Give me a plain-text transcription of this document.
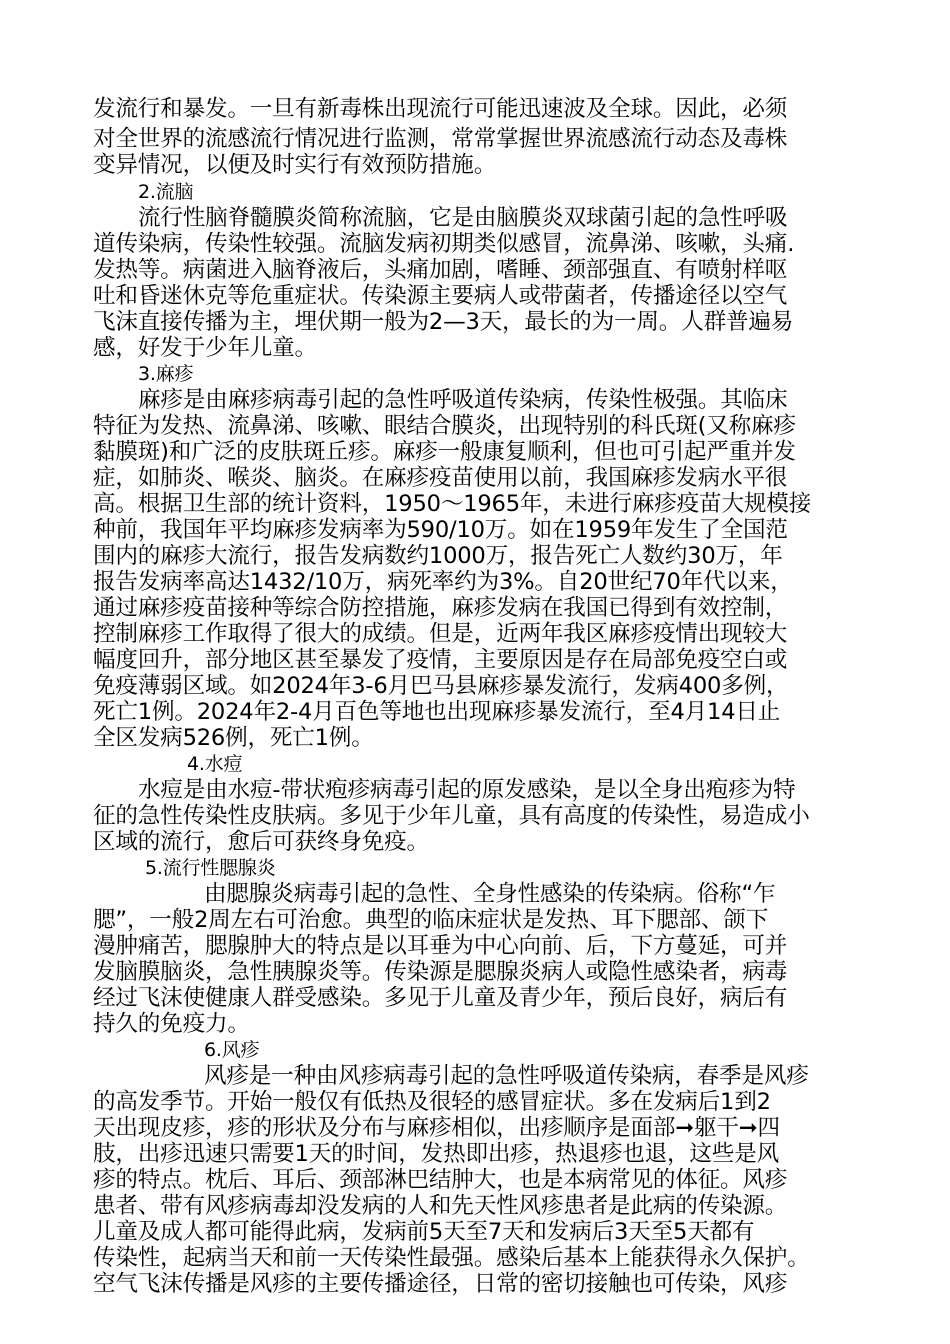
发流行和暴发。一旦有新毒株出现流行可能迅速波及全球。因此，必须
对全世界的流感流行情况进行监测，常常掌握世界流感流行动态及毒株
变异情况，以便及时实行有效预防措施。
2.流脑
流行性脑脊髓膜炎简称流脑，它是由脑膜炎双球菌引起的急性呼吸
道传染病，传染性较强。流脑发病初期类似感冒，流鼻涕、咳嗽，头痛.
发热等。病菌进入脑脊液后，头痛加剧，嗜睡、颈部强直、有喷射样呕
吐和昏迷休克等危重症状。传染源主要病人或带菌者，传播途径以空气
飞沫直接传播为主，埋伏期一般为2—3天，最长的为一周。人群普遍易
感，好发于少年儿童。
3.麻疹
麻疹是由麻疹病毒引起的急性呼吸道传染病，传染性极强。其临床
特征为发热、流鼻涕、咳嗽、眼结合膜炎，出现特别的科氏斑(又称麻疹
黏膜斑)和广泛的皮肤斑丘疹。麻疹一般康复顺利，但也可引起严重并发
症，如肺炎、喉炎、脑炎。在麻疹疫苗使用以前，我国麻疹发病水平很
高。根据卫生部的统计资料，1950～1965年，未进行麻疹疫苗大规模接
种前，我国年平均麻疹发病率为590/10万。如在1959年发生了全国范
围内的麻疹大流行，报告发病数约1000万，报告死亡人数约30万，年
报告发病率高达1432/10万，病死率约为3%。自20世纪70年代以来，
通过麻疹疫苗接种等综合防控措施，麻疹发病在我国已得到有效控制，
控制麻疹工作取得了很大的成绩。但是，近两年我区麻疹疫情出现较大
幅度回升，部分地区甚至暴发了疫情，主要原因是存在局部免疫空白或
免疫薄弱区域。如2024年3-6月巴马县麻疹暴发流行，发病400多例，
死亡1例。2024年2-4月百色等地也出现麻疹暴发流行，至4月14日止
全区发病526例，死亡1例。
4.水痘
水痘是由水痘-带状疱疹病毒引起的原发感染，是以全身出疱疹为特
征的急性传染性皮肤病。多见于少年儿童，具有高度的传染性，易造成小
区域的流行，愈后可获终身免疫。
5.流行性腮腺炎
由腮腺炎病毒引起的急性、全身性感染的传染病。俗称“乍
腮”，一般2周左右可治愈。典型的临床症状是发热、耳下腮部、颌下
漫肿痛苦，腮腺肿大的特点是以耳垂为中心向前、后，下方蔓延，可并
发脑膜脑炎，急性胰腺炎等。传染源是腮腺炎病人或隐性感染者，病毒
经过飞沫使健康人群受感染。多见于儿童及青少年，预后良好，病后有
持久的免疫力。
6.风疹
风疹是一种由风疹病毒引起的急性呼吸道传染病，春季是风疹
的高发季节。开始一般仅有低热及很轻的感冒症状。多在发病后1到2
天出现皮疹，疹的形状及分布与麻疹相似，出疹顺序是面部➞躯干➞四
肢，出疹迅速只需要1天的时间，发热即出疹，热退疹也退，这些是风
疹的特点。枕后、耳后、颈部淋巴结肿大，也是本病常见的体征。风疹
患者、带有风疹病毒却没发病的人和先天性风疹患者是此病的传染源。
儿童及成人都可能得此病，发病前5天至7天和发病后3天至5天都有
传染性，起病当天和前一天传染性最强。感染后基本上能获得永久保护。
空气飞沫传播是风疹的主要传播途径，日常的密切接触也可传染，风疹
